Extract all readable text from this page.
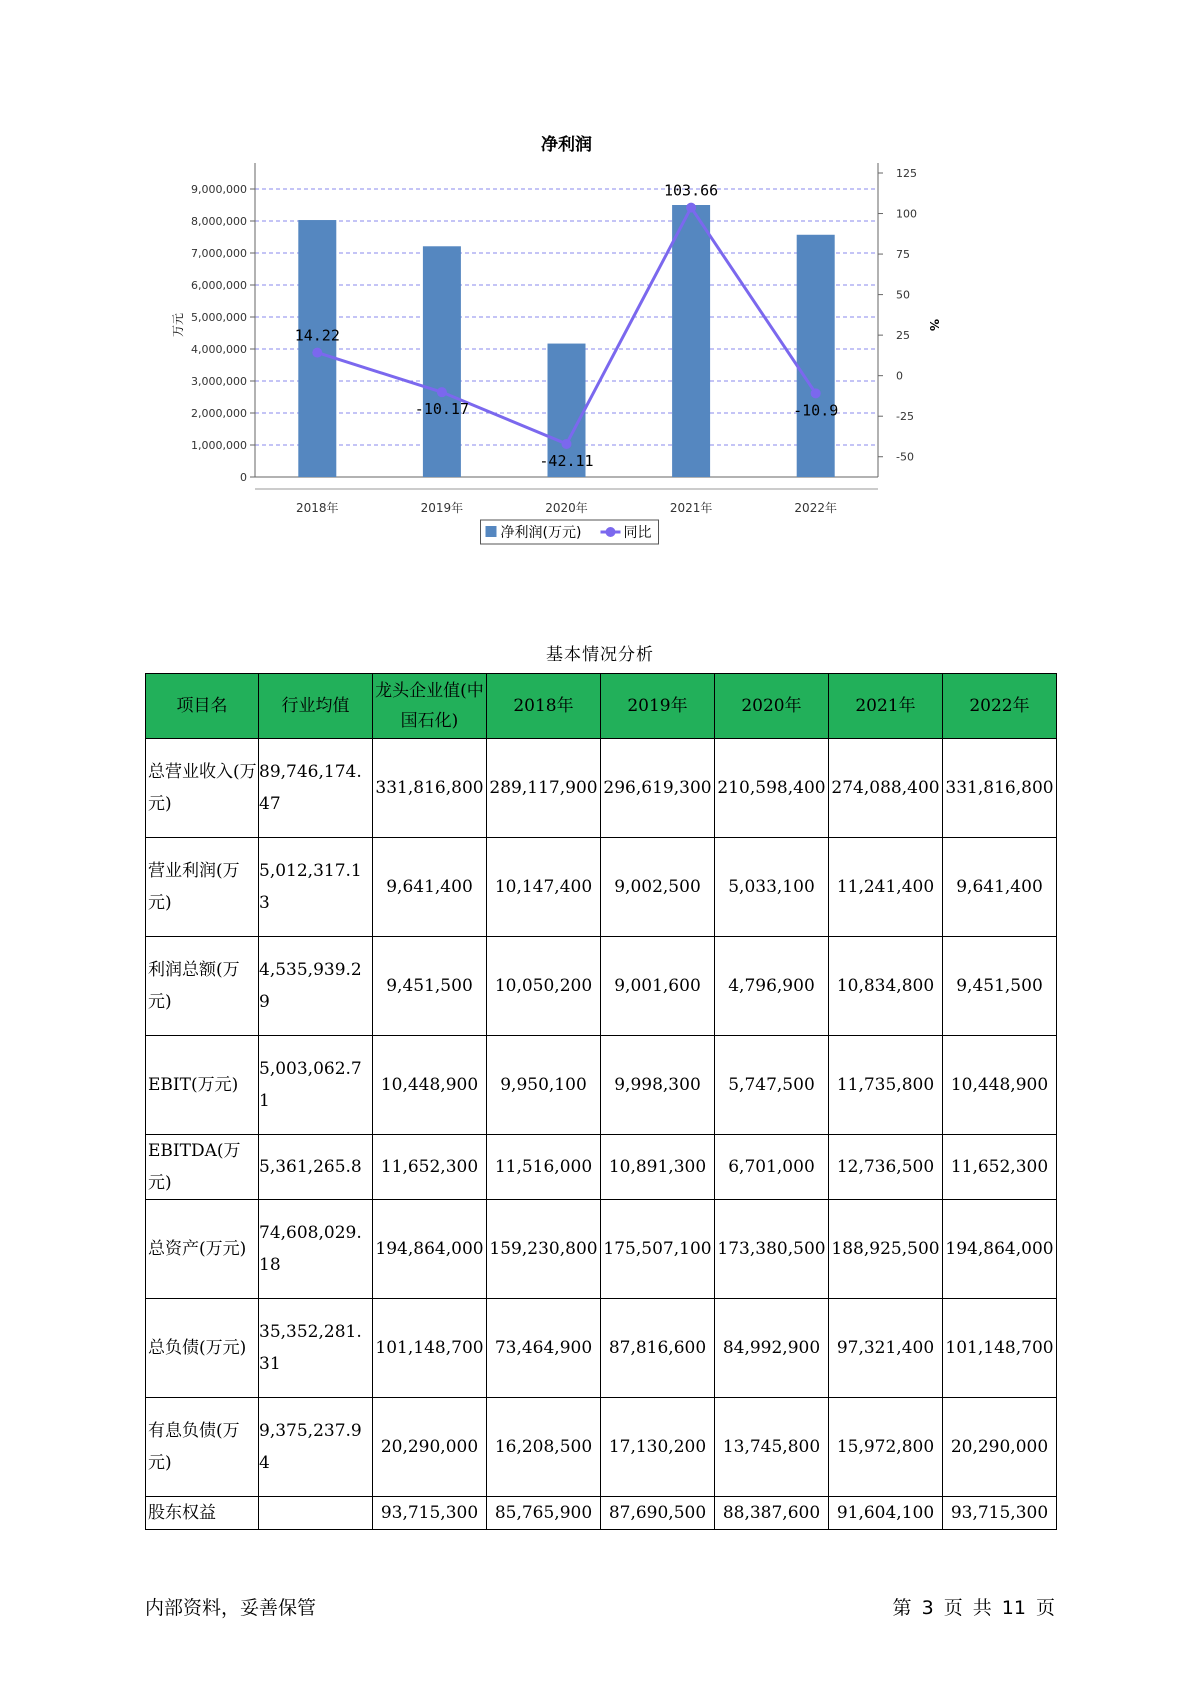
净利润
0
1,000,000
2,000,000
3,000,000
4,000,000
5,000,000
6,000,000
7,000,000
8,000,000
9,000,000
-50
-25
0
25
50
75
100
125
万元	%
2018年	2019年	2020年	2021年	2022年
14.22
-10.17
-42.11
103.66
-10.9
净利润(万元)	同比
基本情况分析
项目名	行业均值	龙头企业值(中国石化)	2018年	2019年	2020年	2021年	2022年
总营业收入(万元)	89,746,174.47	331,816,800	289,117,900	296,619,300	210,598,400	274,088,400	331,816,800
营业利润(万元)	5,012,317.13	9,641,400	10,147,400	9,002,500	5,033,100	11,241,400	9,641,400
利润总额(万元)	4,535,939.29	9,451,500	10,050,200	9,001,600	4,796,900	10,834,800	9,451,500
EBIT(万元)	5,003,062.71	10,448,900	9,950,100	9,998,300	5,747,500	11,735,800	10,448,900
EBITDA(万元)	5,361,265.8	11,652,300	11,516,000	10,891,300	6,701,000	12,736,500	11,652,300
总资产(万元)	74,608,029.18	194,864,000	159,230,800	175,507,100	173,380,500	188,925,500	194,864,000
总负债(万元)	35,352,281.31	101,148,700	73,464,900	87,816,600	84,992,900	97,321,400	101,148,700
有息负债(万元)	9,375,237.94	20,290,000	16,208,500	17,130,200	13,745,800	15,972,800	20,290,000
股东权益		93,715,300	85,765,900	87,690,500	88,387,600	91,604,100	93,715,300
内部资料，妥善保管	第 3 页 共 11 页
